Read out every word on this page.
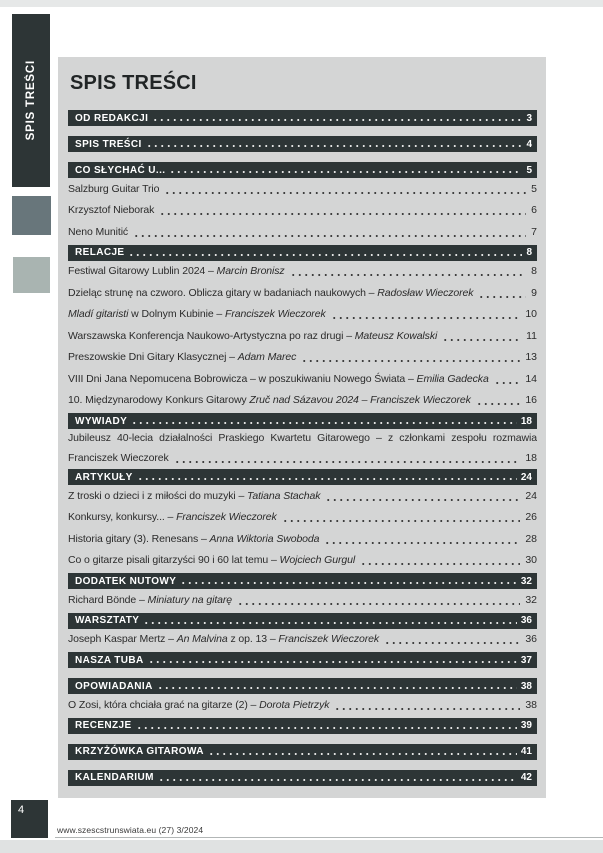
SPIS TREŚCI SPIS TREŚCI
OD REDAKCJI	3
SPIS TREŚCI	4
CO SŁYCHAĆ U...	5
Salzburg Guitar Trio	5
Krzysztof Nieborak	6
Neno Munitić	7
RELACJE	8
Festiwal Gitarowy Lublin 2024 – Marcin Bronisz	8
Dzieląc strunę na czworo. Oblicza gitary w badaniach naukowych – Radosław Wieczorek	9
Mladí gitaristi w Dolnym Kubinie – Franciszek Wieczorek	10
Warszawska Konferencja Naukowo-Artystyczna po raz drugi – Mateusz Kowalski	11
Preszowskie Dni Gitary Klasycznej – Adam Marec	13
VIII Dni Jana Nepomucena Bobrowicza – w poszukiwaniu Nowego Świata – Emilia Gadecka	14
10. Międzynarodowy Konkurs Gitarowy Zruč nad Sázavou 2024 – Franciszek Wieczorek	16
WYWIADY	18
Jubileusz 40-lecia działalności Praskiego Kwartetu Gitarowego – z członkami zespołu rozmawia
Franciszek Wieczorek	18
ARTYKUŁY	24
Z troski o dzieci i z miłości do muzyki – Tatiana Stachak	24
Konkursy, konkursy... – Franciszek Wieczorek	26
Historia gitary (3). Renesans – Anna Wiktoria Swoboda	28
Co o gitarze pisali gitarzyści 90 i 60 lat temu – Wojciech Gurgul	30
DODATEK NUTOWY	32
Richard Bönde – Miniatury na gitarę	32
WARSZTATY	36
Joseph Kaspar Mertz – An Malvina z op. 13 – Franciszek Wieczorek	36
NASZA TUBA	37
OPOWIADANIA	38
O Zosi, która chciała grać na gitarze (2) – Dorota Pietrzyk	38
RECENZJE	39
KRZYŻÓWKA GITAROWA	41
KALENDARIUM	42
4
www.szescstrunswiata.eu (27) 3/2024
